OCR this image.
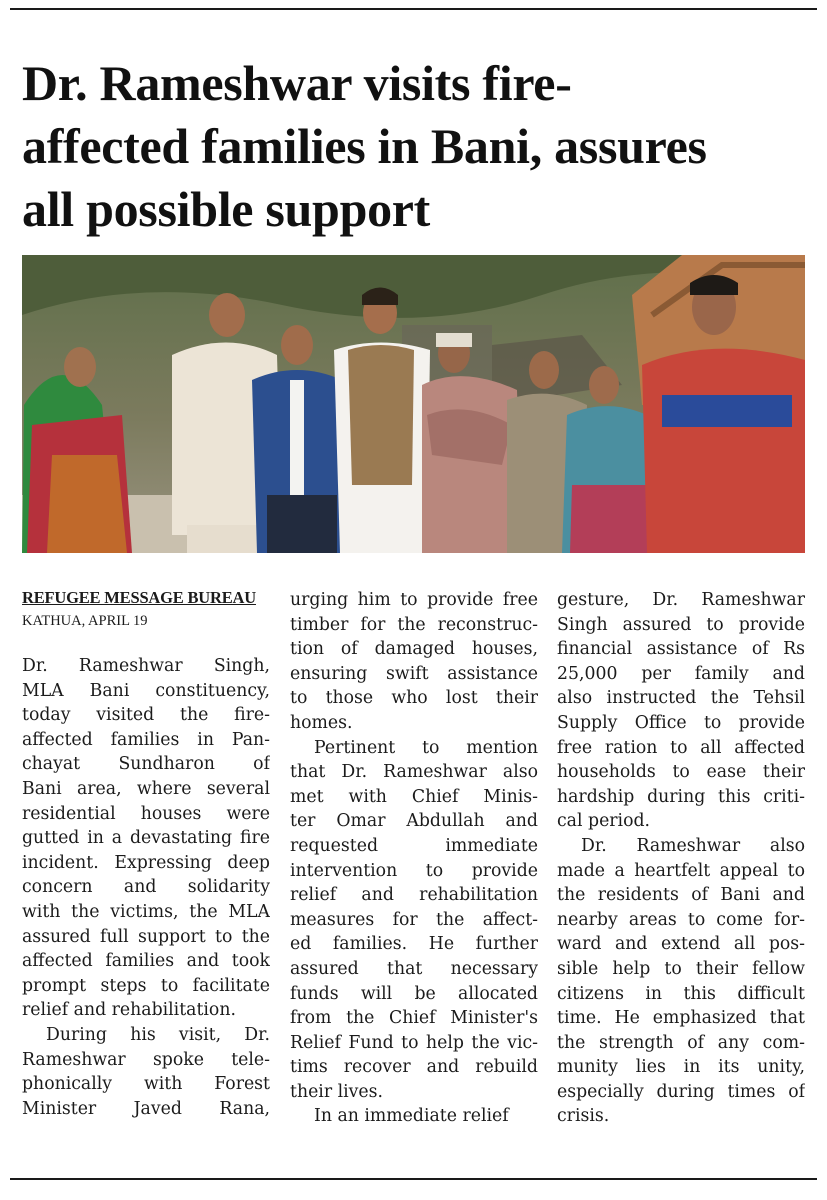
Dr. Rameshwar visits fire-
affected families in Bani, assures
all possible support
REFUGEE MESSAGE BUREAU
KATHUA, APRIL 19
Dr. Rameshwar Singh,
MLA Bani constituency,
today visited the fire-
affected families in Pan-
chayat Sundharon of
Bani area, where several
residential houses were
gutted in a devastating fire
incident. Expressing deep
concern and solidarity
with the victims, the MLA
assured full support to the
affected families and took
prompt steps to facilitate
relief and rehabilitation.
During his visit, Dr.
Rameshwar spoke tele-
phonically with Forest
Minister Javed Rana,
urging him to provide free
timber for the reconstruc-
tion of damaged houses,
ensuring swift assistance
to those who lost their
homes.
Pertinent to mention
that Dr. Rameshwar also
met with Chief Minis-
ter Omar Abdullah and
requested immediate
intervention to provide
relief and rehabilitation
measures for the affect-
ed families. He further
assured that necessary
funds will be allocated
from the Chief Minister's
Relief Fund to help the vic-
tims recover and rebuild
their lives.
In an immediate relief
gesture, Dr. Rameshwar
Singh assured to provide
financial assistance of Rs
25,000 per family and
also instructed the Tehsil
Supply Office to provide
free ration to all affected
households to ease their
hardship during this criti-
cal period.
Dr. Rameshwar also
made a heartfelt appeal to
the residents of Bani and
nearby areas to come for-
ward and extend all pos-
sible help to their fellow
citizens in this difficult
time. He emphasized that
the strength of any com-
munity lies in its unity,
especially during times of
crisis.
